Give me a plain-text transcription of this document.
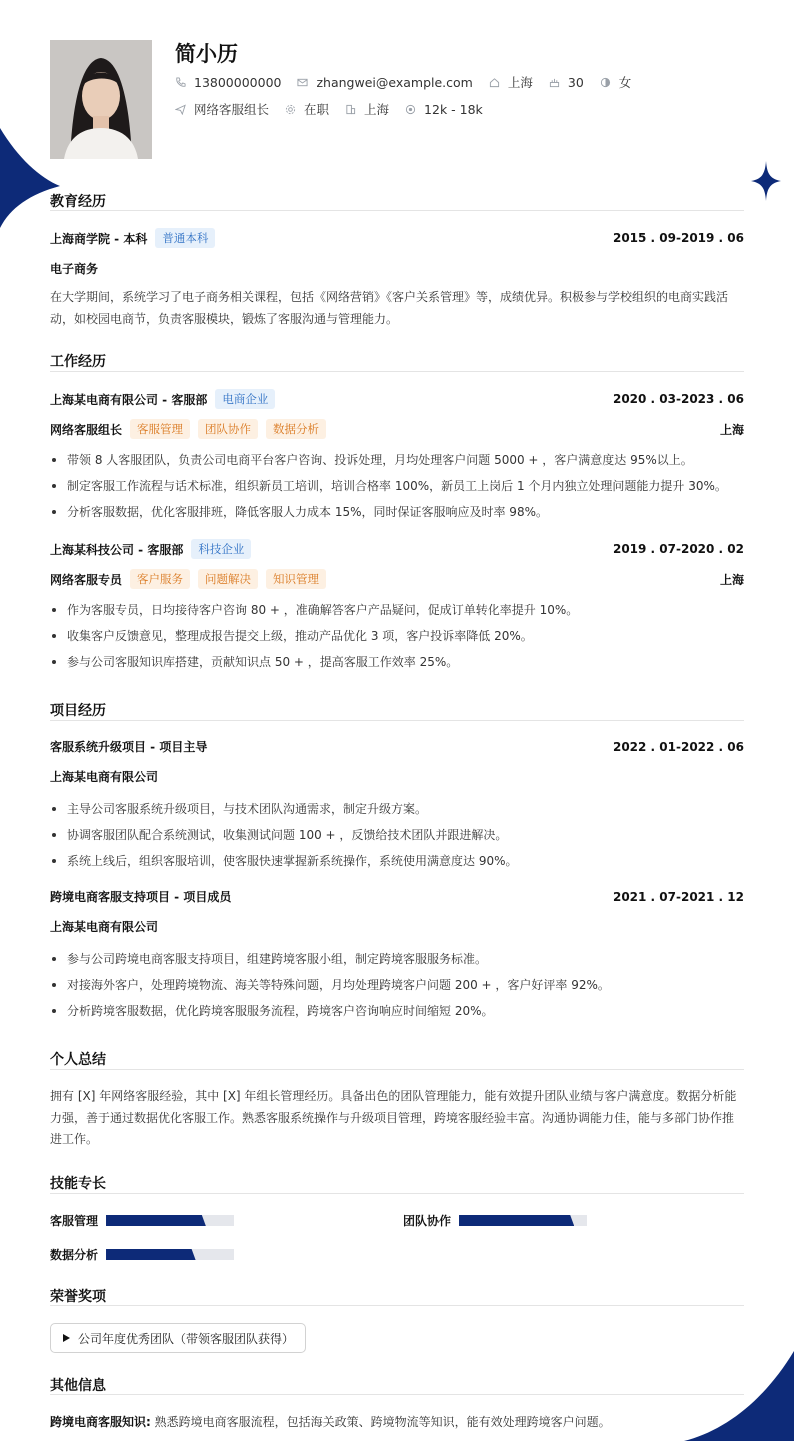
简小历
13800000000	zhangwei@example.com	上海	30	女
网络客服组长	在职	上海	12k - 18k
教育经历
上海商学院 - 本科	普通本科	2015 . 09-2019 . 06
电子商务
在大学期间，系统学习了电子商务相关课程，包括《网络营销》《客户关系管理》等，成绩优异。积极参与学校组织的电商实践活
动，如校园电商节，负责客服模块，锻炼了客服沟通与管理能力。
工作经历
上海某电商有限公司 - 客服部	电商企业	2020 . 03-2023 . 06
网络客服组长	客服管理	团队协作	数据分析	上海
带领 8 人客服团队，负责公司电商平台客户咨询、投诉处理，月均处理客户问题 5000 + ，客户满意度达 95%以上。
制定客服工作流程与话术标准，组织新员工培训，培训合格率 100%，新员工上岗后 1 个月内独立处理问题能力提升 30%。
分析客服数据，优化客服排班，降低客服人力成本 15%，同时保证客服响应及时率 98%。
上海某科技公司 - 客服部	科技企业	2019 . 07-2020 . 02
网络客服专员	客户服务	问题解决	知识管理	上海
作为客服专员，日均接待客户咨询 80 + ，准确解答客户产品疑问，促成订单转化率提升 10%。
收集客户反馈意见，整理成报告提交上级，推动产品优化 3 项，客户投诉率降低 20%。
参与公司客服知识库搭建，贡献知识点 50 + ，提高客服工作效率 25%。
项目经历
客服系统升级项目 - 项目主导	2022 . 01-2022 . 06
上海某电商有限公司
主导公司客服系统升级项目，与技术团队沟通需求，制定升级方案。
协调客服团队配合系统测试，收集测试问题 100 + ，反馈给技术团队并跟进解决。
系统上线后，组织客服培训，使客服快速掌握新系统操作，系统使用满意度达 90%。
跨境电商客服支持项目 - 项目成员	2021 . 07-2021 . 12
上海某电商有限公司
参与公司跨境电商客服支持项目，组建跨境客服小组，制定跨境客服服务标准。
对接海外客户，处理跨境物流、海关等特殊问题，月均处理跨境客户问题 200 + ，客户好评率 92%。
分析跨境客服数据，优化跨境客服服务流程，跨境客户咨询响应时间缩短 20%。
个人总结
拥有 [X] 年网络客服经验，其中 [X] 年组长管理经历。具备出色的团队管理能力，能有效提升团队业绩与客户满意度。数据分析能
力强，善于通过数据优化客服工作。熟悉客服系统操作与升级项目管理，跨境客服经验丰富。沟通协调能力佳，能与多部门协作推
进工作。
技能专长
客服管理	团队协作
数据分析
荣誉奖项
公司年度优秀团队（带领客服团队获得）
其他信息
跨境电商客服知识: 熟悉跨境电商客服流程，包括海关政策、跨境物流等知识，能有效处理跨境客户问题。
